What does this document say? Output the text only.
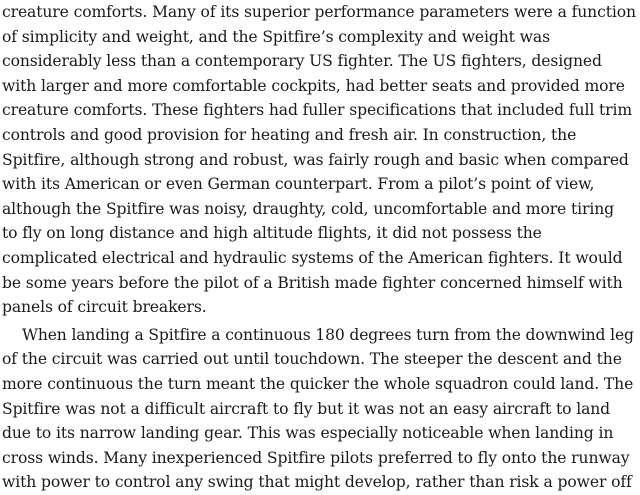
creature comforts. Many of its superior performance parameters were a function
of simplicity and weight, and the Spitfire’s complexity and weight was
considerably less than a contemporary US fighter. The US fighters, designed
with larger and more comfortable cockpits, had better seats and provided more
creature comforts. These fighters had fuller specifications that included full trim
controls and good provision for heating and fresh air. In construction, the
Spitfire, although strong and robust, was fairly rough and basic when compared
with its American or even German counterpart. From a pilot’s point of view,
although the Spitfire was noisy, draughty, cold, uncomfortable and more tiring
to fly on long distance and high altitude flights, it did not possess the
complicated electrical and hydraulic systems of the American fighters. It would
be some years before the pilot of a British made fighter concerned himself with
panels of circuit breakers.
When landing a Spitfire a continuous 180 degrees turn from the downwind leg
of the circuit was carried out until touchdown. The steeper the descent and the
more continuous the turn meant the quicker the whole squadron could land. The
Spitfire was not a difficult aircraft to fly but it was not an easy aircraft to land
due to its narrow landing gear. This was especially noticeable when landing in
cross winds. Many inexperienced Spitfire pilots preferred to fly onto the runway
with power to control any swing that might develop, rather than risk a power off
